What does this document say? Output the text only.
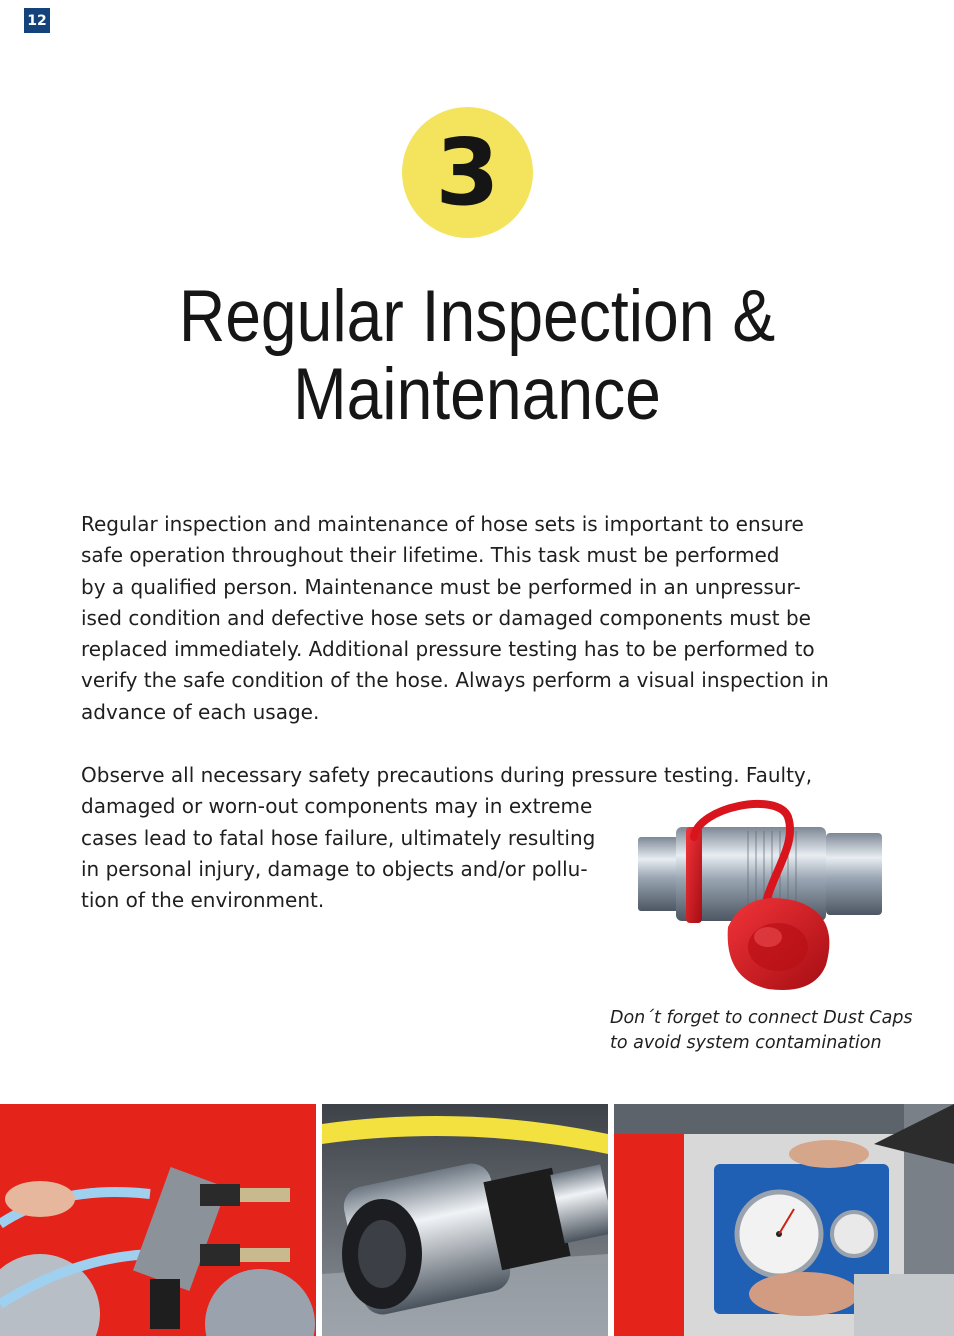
12
3
Regular Inspection &
Maintenance

Regular inspection and maintenance of hose sets is important to ensure
safe operation throughout their lifetime. This task must be performed
by a qualified person. Maintenance must be performed in an unpressur-
ised condition and defective hose sets or damaged components must be
replaced immediately. Additional pressure testing has to be performed to
verify the safe condition of the hose. Always perform a visual inspection in
advance of each usage.

Observe all necessary safety precautions during pressure testing. Faulty,
damaged or worn-out components may in extreme
cases lead to fatal hose failure, ultimately resulting
in personal injury, damage to objects and/or pollu-
tion of the environment.

Don´t forget to connect Dust Caps
to avoid system contamination
